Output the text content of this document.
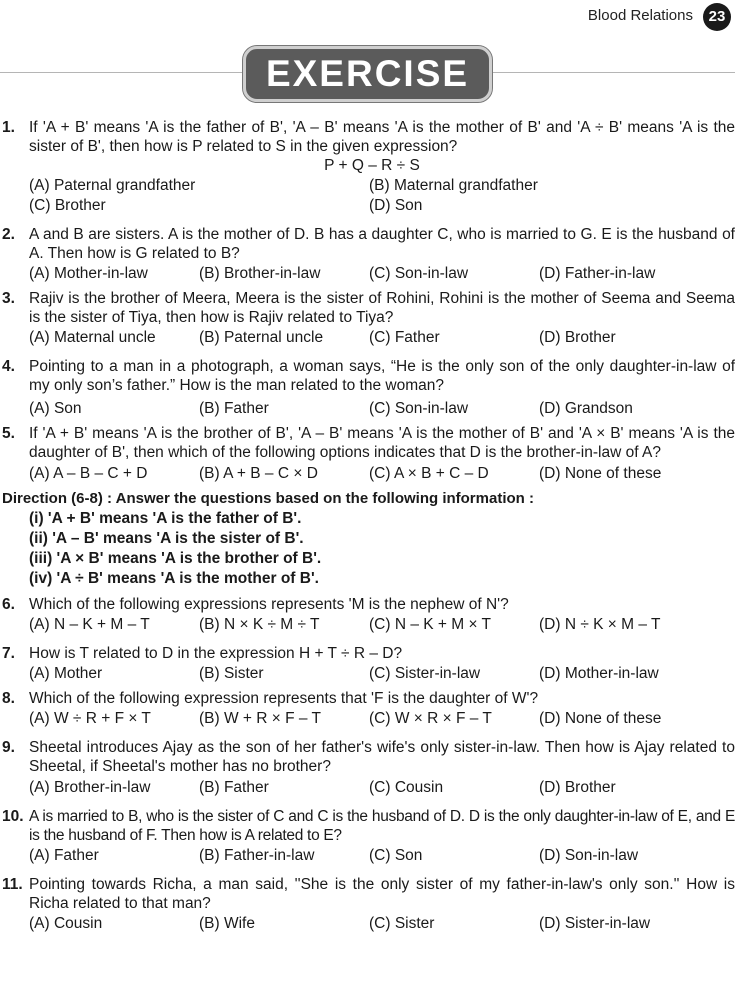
Blood Relations	23
EXERCISE
1. If 'A + B' means 'A is the father of B', 'A – B' means 'A is the mother of B' and 'A ÷ B' means 'A is the sister of B', then how is P related to S in the given expression?
P + Q – R ÷ S
(A) Paternal grandfather	(B) Maternal grandfather
(C) Brother	(D) Son
2. A and B are sisters. A is the mother of D. B has a daughter C, who is married to G. E is the husband of A. Then how is G related to B?
(A) Mother-in-law	(B) Brother-in-law	(C) Son-in-law	(D) Father-in-law
3. Rajiv is the brother of Meera, Meera is the sister of Rohini, Rohini is the mother of Seema and Seema is the sister of Tiya, then how is Rajiv related to Tiya?
(A) Maternal uncle	(B) Paternal uncle	(C) Father	(D) Brother
4. Pointing to a man in a photograph, a woman says, “He is the only son of the only daughter-in-law of my only son’s father.” How is the man related to the woman?
(A) Son	(B) Father	(C) Son-in-law	(D) Grandson
5. If 'A + B' means 'A is the brother of B', 'A – B' means 'A is the mother of B' and 'A × B' means 'A is the daughter of B', then which of the following options indicates that D is the brother-in-law of A?
(A) A – B – C + D	(B) A + B – C × D	(C) A × B + C – D	(D) None of these
Direction (6-8) : Answer the questions based on the following information :
(i) 'A + B' means 'A is the father of B'.
(ii) 'A – B' means 'A is the sister of B'.
(iii) 'A × B' means 'A is the brother of B'.
(iv) 'A ÷ B' means 'A is the mother of B'.
6. Which of the following expressions represents 'M is the nephew of N'?
(A) N – K + M – T	(B) N × K ÷ M ÷ T	(C) N – K + M × T	(D) N ÷ K × M – T
7. How is T related to D in the expression H + T ÷ R – D?
(A) Mother	(B) Sister	(C) Sister-in-law	(D) Mother-in-law
8. Which of the following expression represents that 'F is the daughter of W'?
(A) W ÷ R + F × T	(B) W + R × F – T	(C) W × R × F – T	(D) None of these
9. Sheetal introduces Ajay as the son of her father's wife's only sister-in-law. Then how is Ajay related to Sheetal, if Sheetal's mother has no brother?
(A) Brother-in-law	(B) Father	(C) Cousin	(D) Brother
10. A is married to B, who is the sister of C and C is the husband of D. D is the only daughter-in-law of E, and E is the husband of F. Then how is A related to E?
(A) Father	(B) Father-in-law	(C) Son	(D) Son-in-law
11. Pointing towards Richa, a man said, ''She is the only sister of my father-in-law's only son.'' How is Richa related to that man?
(A) Cousin	(B) Wife	(C) Sister	(D) Sister-in-law
